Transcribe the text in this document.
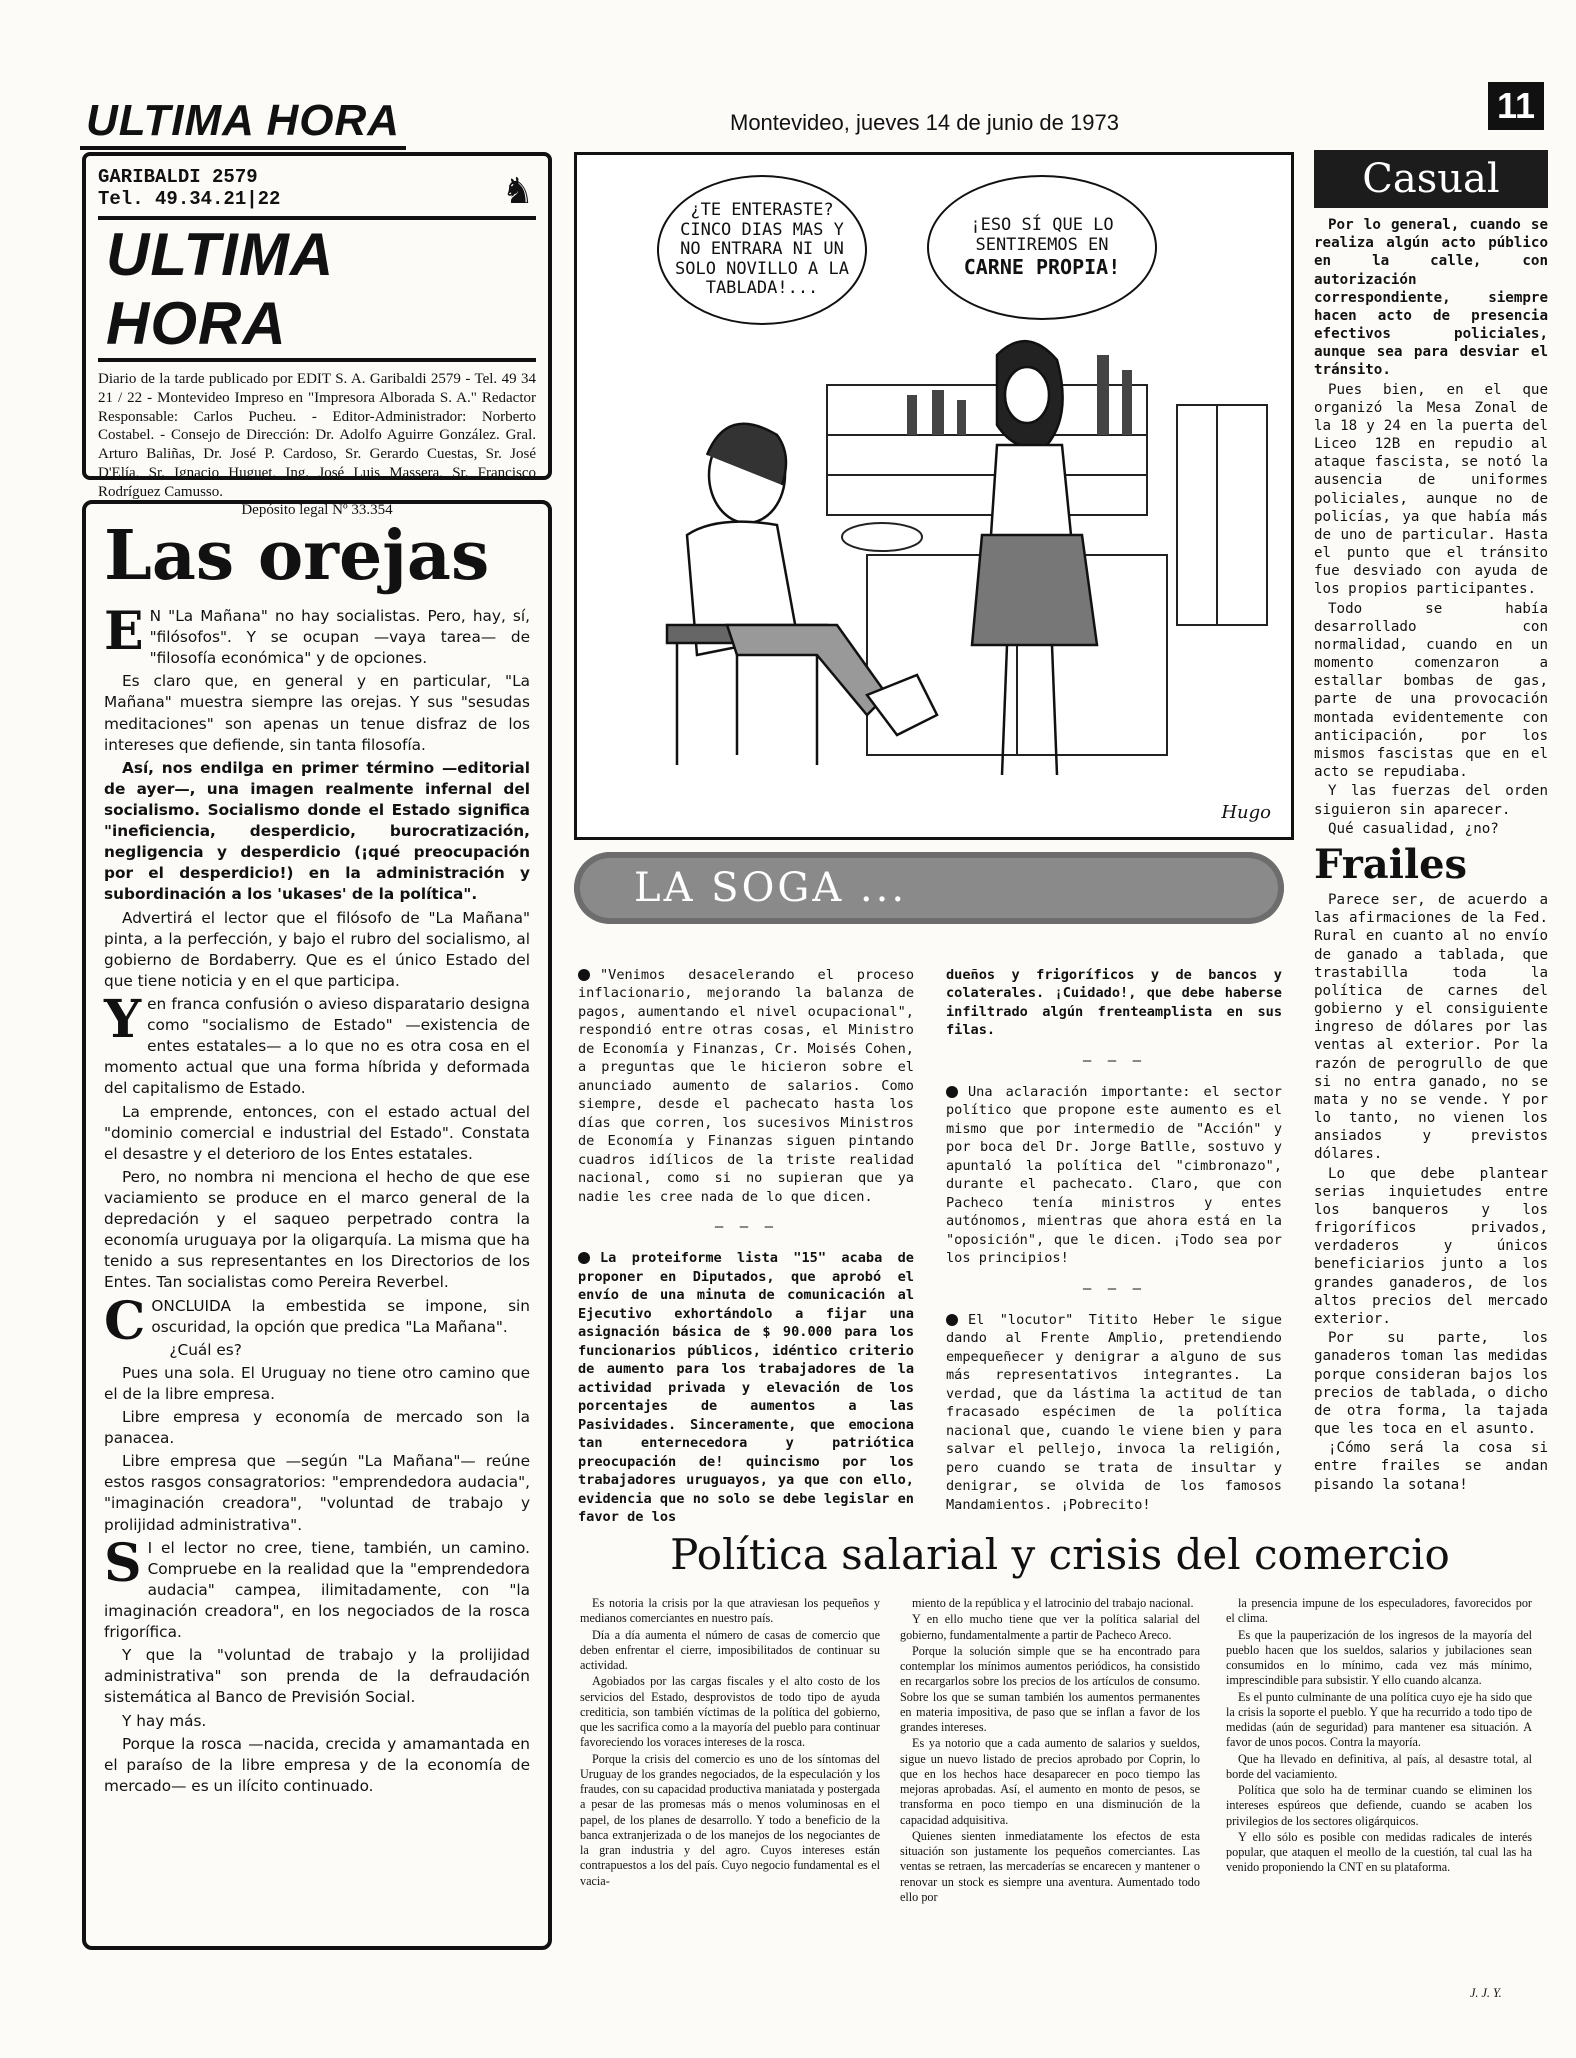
ULTIMA HORA	Montevideo, jueves 14 de junio de 1973	11
GARIBALDI 2579
Tel. 49.34.21|22	♞
ULTIMA HORA
Diario de la tarde publicado por EDIT S. A. Garibaldi 2579 - Tel. 49 34 21 / 22 - Montevideo Impreso en "Impresora Alborada S. A." Redactor Responsable: Carlos Pucheu. - Editor-Administrador: Norberto Costabel. - Consejo de Dirección: Dr. Adolfo Aguirre González. Gral. Arturo Baliñas, Dr. José P. Cardoso, Sr. Gerardo Cuestas, Sr. José D'Elía, Sr. Ignacio Huguet, Ing. José Luis Massera, Sr. Francisco Rodríguez Camusso.
Depósito legal Nº 33.354
Las orejas

E N "La Mañana" no hay socialistas. Pero, hay, sí, "filósofos". Y se ocupan —vaya tarea— de "filosofía económica" y de opciones.

Es claro que, en general y en particular, "La Mañana" muestra siempre las orejas. Y sus "sesudas meditaciones" son apenas un tenue disfraz de los intereses que defiende, sin tanta filosofía.

Así, nos endilga en primer término —editorial de ayer—, una imagen realmente infernal del socialismo. Socialismo donde el Estado significa "ineficiencia, desperdicio, burocratización, negligencia y desperdicio (¡qué preocupación por el desperdicio!) en la administración y subordinación a los 'ukases' de la política".

Advertirá el lector que el filósofo de "La Mañana" pinta, a la perfección, y bajo el rubro del socialismo, al gobierno de Bordaberry. Que es el único Estado del que tiene noticia y en el que participa.

Yen franca confusión o avieso disparatario designa como "socialismo de Estado" —existencia de entes estatales— a lo que no es otra cosa en el momento actual que una forma híbrida y deformada del capitalismo de Estado.

La emprende, entonces, con el estado actual del "dominio comercial e industrial del Estado". Constata el desastre y el deterioro de los Entes estatales.

Pero, no nombra ni menciona el hecho de que ese vaciamiento se produce en el marco general de la depredación y el saqueo perpetrado contra la economía uruguaya por la oligarquía. La misma que ha tenido a sus representantes en los Directorios de los Entes. Tan socialistas como Pereira Reverbel.

CONCLUIDA la embestida se impone, sin oscuridad, la opción que predica "La Mañana".

¿Cuál es?

Pues una sola. El Uruguay no tiene otro camino que el de la libre empresa.

Libre empresa y economía de mercado son la panacea.

Libre empresa que —según "La Mañana"— reúne estos rasgos consagratorios: "emprendedora audacia", "imaginación creadora", "voluntad de trabajo y prolijidad administrativa".

S I el lector no cree, tiene, también, un camino. Compruebe en la realidad que la "emprendedora audacia" campea, ilimitadamente, con "la imaginación creadora", en los negociados de la rosca frigorífica.

Y que la "voluntad de trabajo y la prolijidad administrativa" son prenda de la defraudación sistemática al Banco de Previsión Social.

Y hay más.

Porque la rosca —nacida, crecida y amamantada en el paraíso de la libre empresa y de la economía de mercado— es un ilícito continuado.

¿TE ENTERASTE? CINCO DIAS MAS Y NO ENTRARA NI UN SOLO NOVILLO A LA TABLADA!...
¡ESO SÍ QUE LO SENTIREMOS EN
CARNE PROPIA!
Hugo
LA SOGA ...

"Venimos desacelerando el proceso inflacionario, mejorando la balanza de pagos, aumentando el nivel ocupacional", respondió entre otras cosas, el Ministro de Economía y Finanzas, Cr. Moisés Cohen, a preguntas que le hicieron sobre el anunciado aumento de salarios. Como siempre, desde el pachecato hasta los días que corren, los sucesivos Ministros de Economía y Finanzas siguen pintando cuadros idílicos de la triste realidad nacional, como si no supieran que ya nadie les cree nada de lo que dicen.

— — —

La proteiforme lista "15" acaba de proponer en Diputados, que aprobó el envío de una minuta de comunicación al Ejecutivo exhortándolo a fijar una asignación básica de $ 90.000 para los funcionarios públicos, idéntico criterio de aumento para los trabajadores de la actividad privada y elevación de los porcentajes de aumentos a las Pasividades. Sinceramente, que emociona tan enternecedora y patriótica preocupación de! quincismo por los trabajadores uruguayos, ya que con ello, evidencia que no solo se debe legislar en favor de los

dueños y frigoríficos y de bancos y colaterales. ¡Cuidado!, que debe haberse infiltrado algún frenteamplista en sus filas.

— — —

Una aclaración importante: el sector político que propone este aumento es el mismo que por intermedio de "Acción" y por boca del Dr. Jorge Batlle, sostuvo y apuntaló la política del "cimbronazo", durante el pachecato. Claro, que con Pacheco tenía ministros y entes autónomos, mientras que ahora está en la "oposición", que le dicen. ¡Todo sea por los principios!

— — —

El "locutor" Titito Heber le sigue dando al Frente Amplio, pretendiendo empequeñecer y denigrar a alguno de sus más representativos integrantes. La verdad, que da lástima la actitud de tan fracasado espécimen de la política nacional que, cuando le viene bien y para salvar el pellejo, invoca la religión, pero cuando se trata de insultar y denigrar, se olvida de los famosos Mandamientos. ¡Pobrecito!

Casual

Por lo general, cuando se realiza algún acto público en la calle, con autorización correspondiente, siempre hacen acto de presencia efectivos policiales, aunque sea para desviar el tránsito.

Pues bien, en el que organizó la Mesa Zonal de la 18 y 24 en la puerta del Liceo 12B en repudio al ataque fascista, se notó la ausencia de uniformes policiales, aunque no de policías, ya que había más de uno de particular. Hasta el punto que el tránsito fue desviado con ayuda de los propios participantes.

Todo se había desarrollado con normalidad, cuando en un momento comenzaron a estallar bombas de gas, parte de una provocación montada evidentemente con anticipación, por los mismos fascistas que en el acto se repudiaba.

Y las fuerzas del orden siguieron sin aparecer.

Qué casualidad, ¿no?

Frailes

Parece ser, de acuerdo a las afirmaciones de la Fed. Rural en cuanto al no envío de ganado a tablada, que trastabilla toda la política de carnes del gobierno y el consiguiente ingreso de dólares por las ventas al exterior. Por la razón de perogrullo de que si no entra ganado, no se mata y no se vende. Y por lo tanto, no vienen los ansiados y previstos dólares.

Lo que debe plantear serias inquietudes entre los banqueros y los frigoríficos privados, verdaderos y únicos beneficiarios junto a los grandes ganaderos, de los altos precios del mercado exterior.

Por su parte, los ganaderos toman las medidas porque consideran bajos los precios de tablada, o dicho de otra forma, la tajada que les toca en el asunto.

¡Cómo será la cosa si entre frailes se andan pisando la sotana!

Política salarial y crisis del comercio

Es notoria la crisis por la que atraviesan los pequeños y medianos comerciantes en nuestro país.

Día a día aumenta el número de casas de comercio que deben enfrentar el cierre, imposibilitados de continuar su actividad.

Agobiados por las cargas fiscales y el alto costo de los servicios del Estado, desprovistos de todo tipo de ayuda crediticia, son también víctimas de la política del gobierno, que les sacrifica como a la mayoría del pueblo para continuar favoreciendo los voraces intereses de la rosca.

Porque la crisis del comercio es uno de los síntomas del Uruguay de los grandes negociados, de la especulación y los fraudes, con su capacidad productiva maniatada y postergada a pesar de las promesas más o menos voluminosas en el papel, de los planes de desarrollo. Y todo a beneficio de la banca extranjerizada o de los manejos de los negociantes de la gran industria y del agro. Cuyos intereses están contrapuestos a los del país. Cuyo negocio fundamental es el vacia-

miento de la república y el latrocinio del trabajo nacional.

Y en ello mucho tiene que ver la política salarial del gobierno, fundamentalmente a partir de Pacheco Areco.

Porque la solución simple que se ha encontrado para contemplar los mínimos aumentos periódicos, ha consistido en recargarlos sobre los precios de los artículos de consumo. Sobre los que se suman también los aumentos permanentes en materia impositiva, de paso que se inflan a favor de los grandes intereses.

Es ya notorio que a cada aumento de salarios y sueldos, sigue un nuevo listado de precios aprobado por Coprin, lo que en los hechos hace desaparecer en poco tiempo las mejoras aprobadas. Así, el aumento en monto de pesos, se transforma en poco tiempo en una disminución de la capacidad adquisitiva.

Quienes sienten inmediatamente los efectos de esta situación son justamente los pequeños comerciantes. Las ventas se retraen, las mercaderías se encarecen y mantener o renovar un stock es siempre una aventura. Aumentado todo ello por

la presencia impune de los especuladores, favorecidos por el clima.

Es que la pauperización de los ingresos de la mayoría del pueblo hacen que los sueldos, salarios y jubilaciones sean consumidos en lo mínimo, cada vez más mínimo, imprescindible para subsistir. Y ello cuando alcanza.

Es el punto culminante de una política cuyo eje ha sido que la crisis la soporte el pueblo. Y que ha recurrido a todo tipo de medidas (aún de seguridad) para mantener esa situación. A favor de unos pocos. Contra la mayoría.

Que ha llevado en definitiva, al país, al desastre total, al borde del vaciamiento.

Política que solo ha de terminar cuando se eliminen los intereses espúreos que defiende, cuando se acaben los privilegios de los sectores oligárquicos.

Y ello sólo es posible con medidas radicales de interés popular, que ataquen el meollo de la cuestión, tal cual las ha venido proponiendo la CNT en su plataforma.

J. J. Y.
